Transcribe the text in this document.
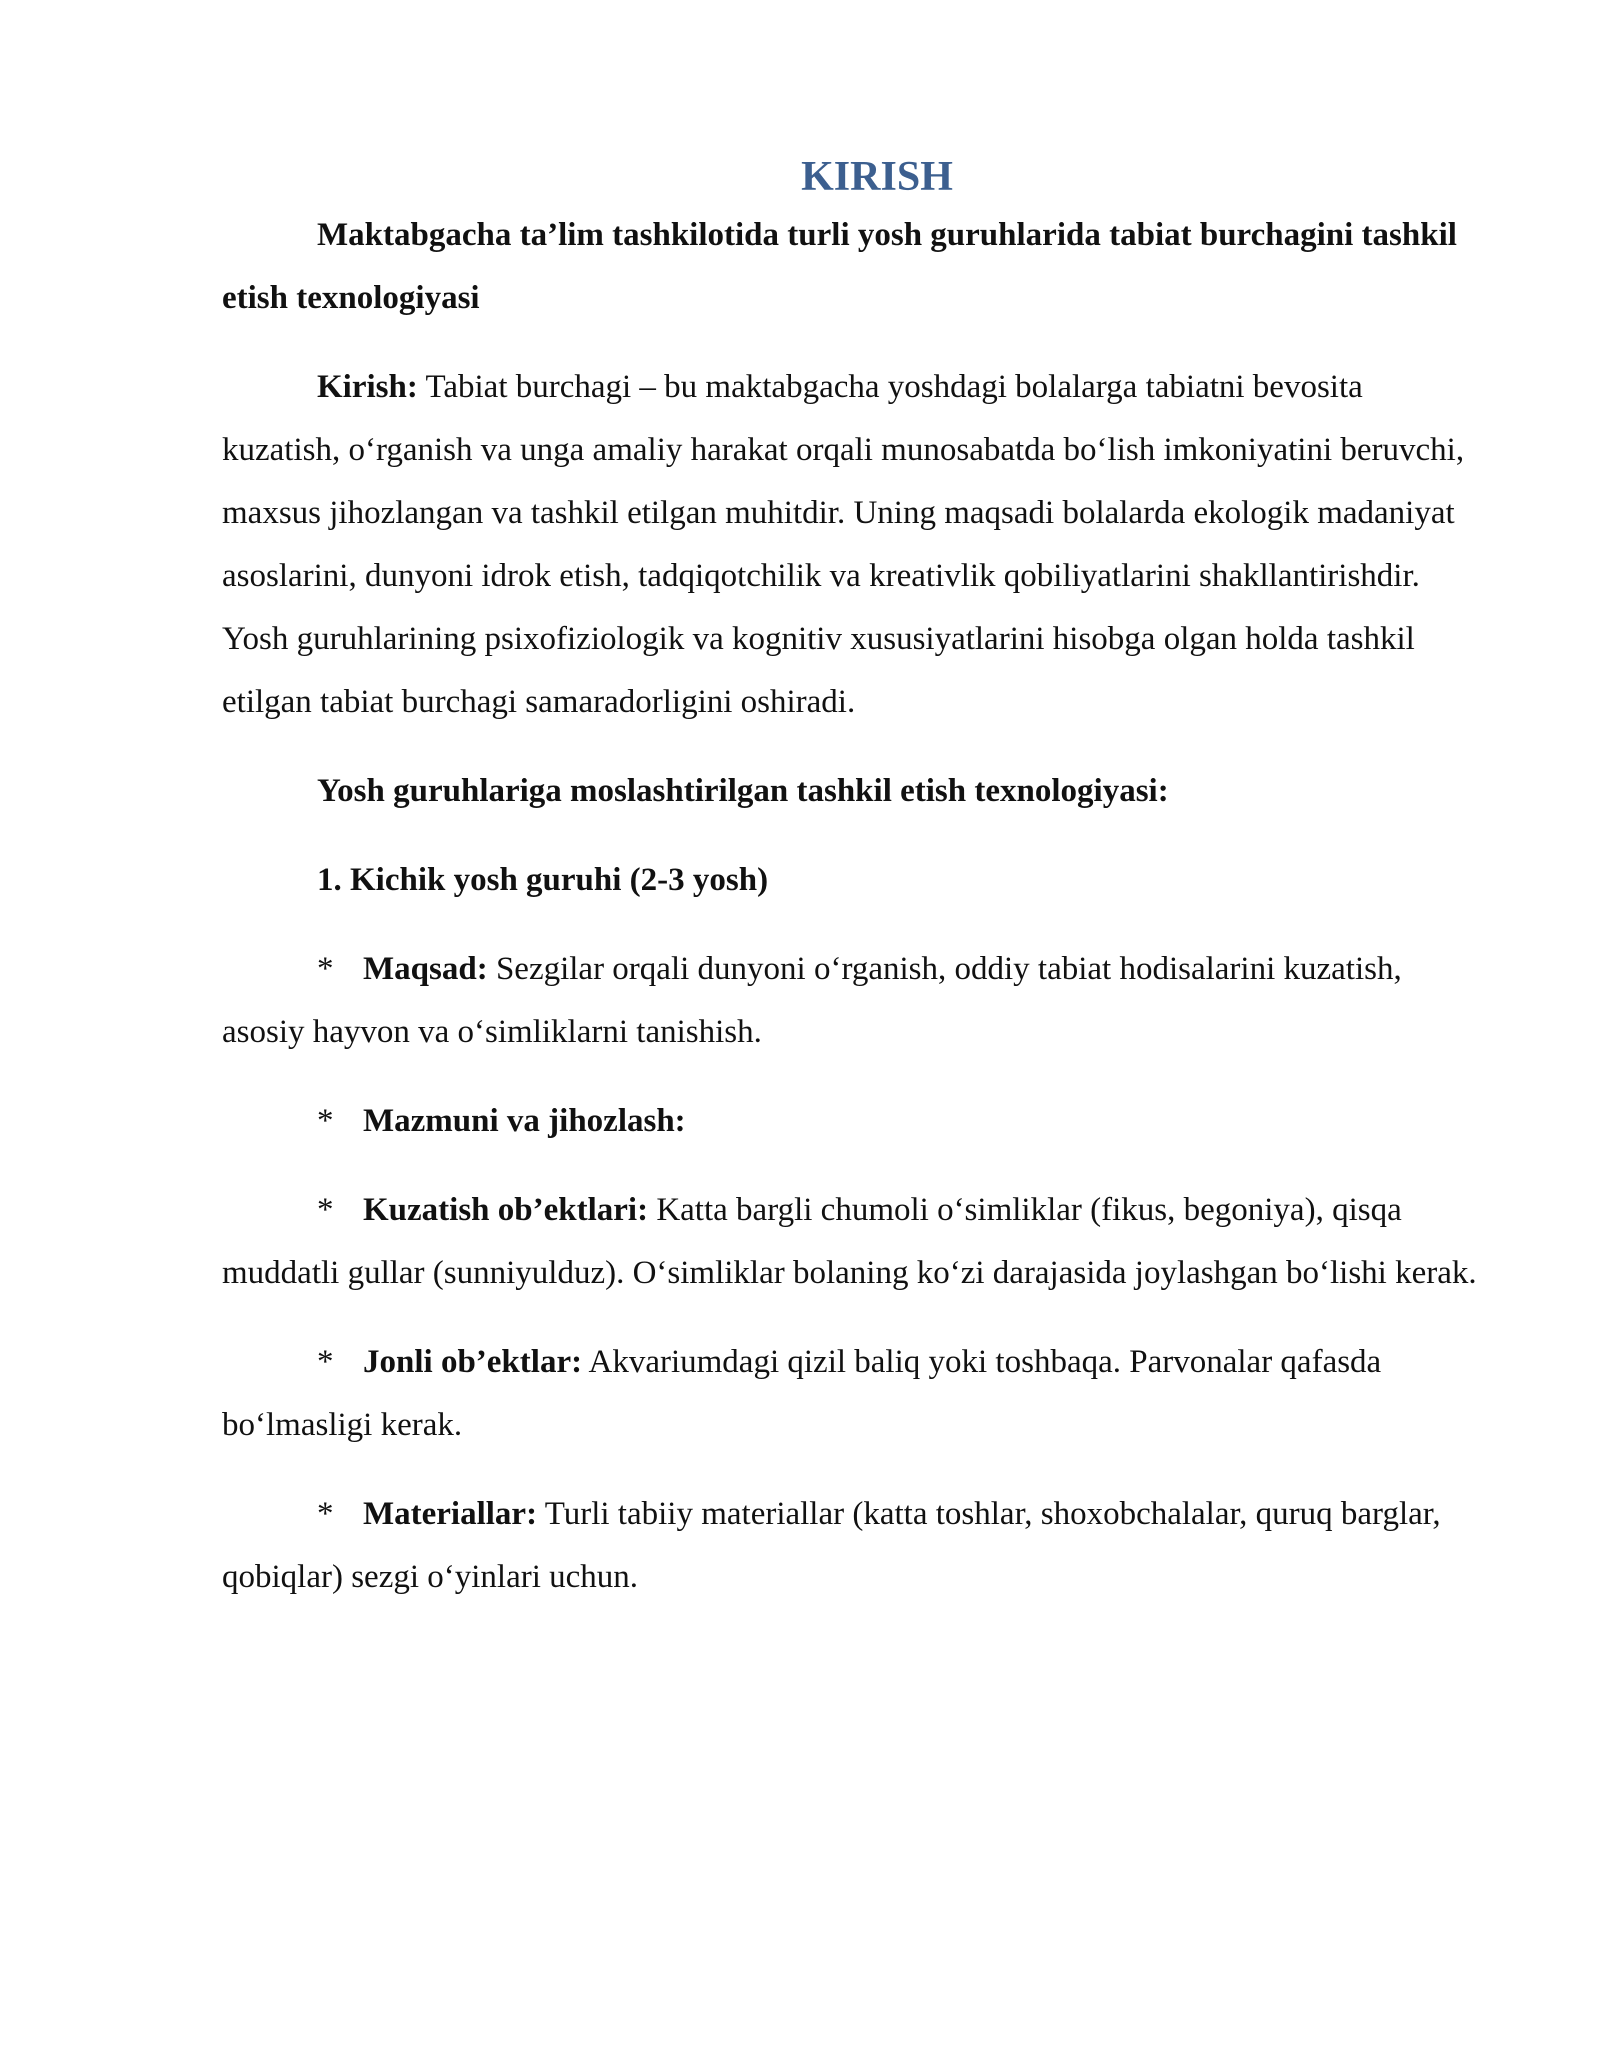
KIRISH
Maktabgacha ta’lim tashkilotida turli yosh guruhlarida tabiat burchagini tashkil etish texnologiyasi

Kirish: Tabiat burchagi – bu maktabgacha yoshdagi bolalarga tabiatni bevosita kuzatish, o‘rganish va unga amaliy harakat orqali munosabatda bo‘lish imkoniyatini beruvchi, maxsus jihozlangan va tashkil etilgan muhitdir. Uning maqsadi bolalarda ekologik madaniyat asoslarini, dunyoni idrok etish, tadqiqotchilik va kreativlik qobiliyatlarini shakllantirishdir. Yosh guruhlarining psixofiziologik va kognitiv xususiyatlarini hisobga olgan holda tashkil etilgan tabiat burchagi samaradorligini oshiradi.

Yosh guruhlariga moslashtirilgan tashkil etish texnologiyasi:

1. Kichik yosh guruhi (2-3 yosh)

* Maqsad: Sezgilar orqali dunyoni o‘rganish, oddiy tabiat hodisalarini kuzatish, asosiy hayvon va o‘simliklarni tanishish.

* Mazmuni va jihozlash:

* Kuzatish ob’ektlari: Katta bargli chumoli o‘simliklar (fikus, begoniya), qisqa muddatli gullar (sunniyulduz). O‘simliklar bolaning ko‘zi darajasida joylashgan bo‘lishi kerak.

* Jonli ob’ektlar: Akvariumdagi qizil baliq yoki toshbaqa. Parvonalar qafasda bo‘lmasligi kerak.

* Materiallar: Turli tabiiy materiallar (katta toshlar, shoxobchalalar, quruq barglar, qobiqlar) sezgi o‘yinlari uchun.
